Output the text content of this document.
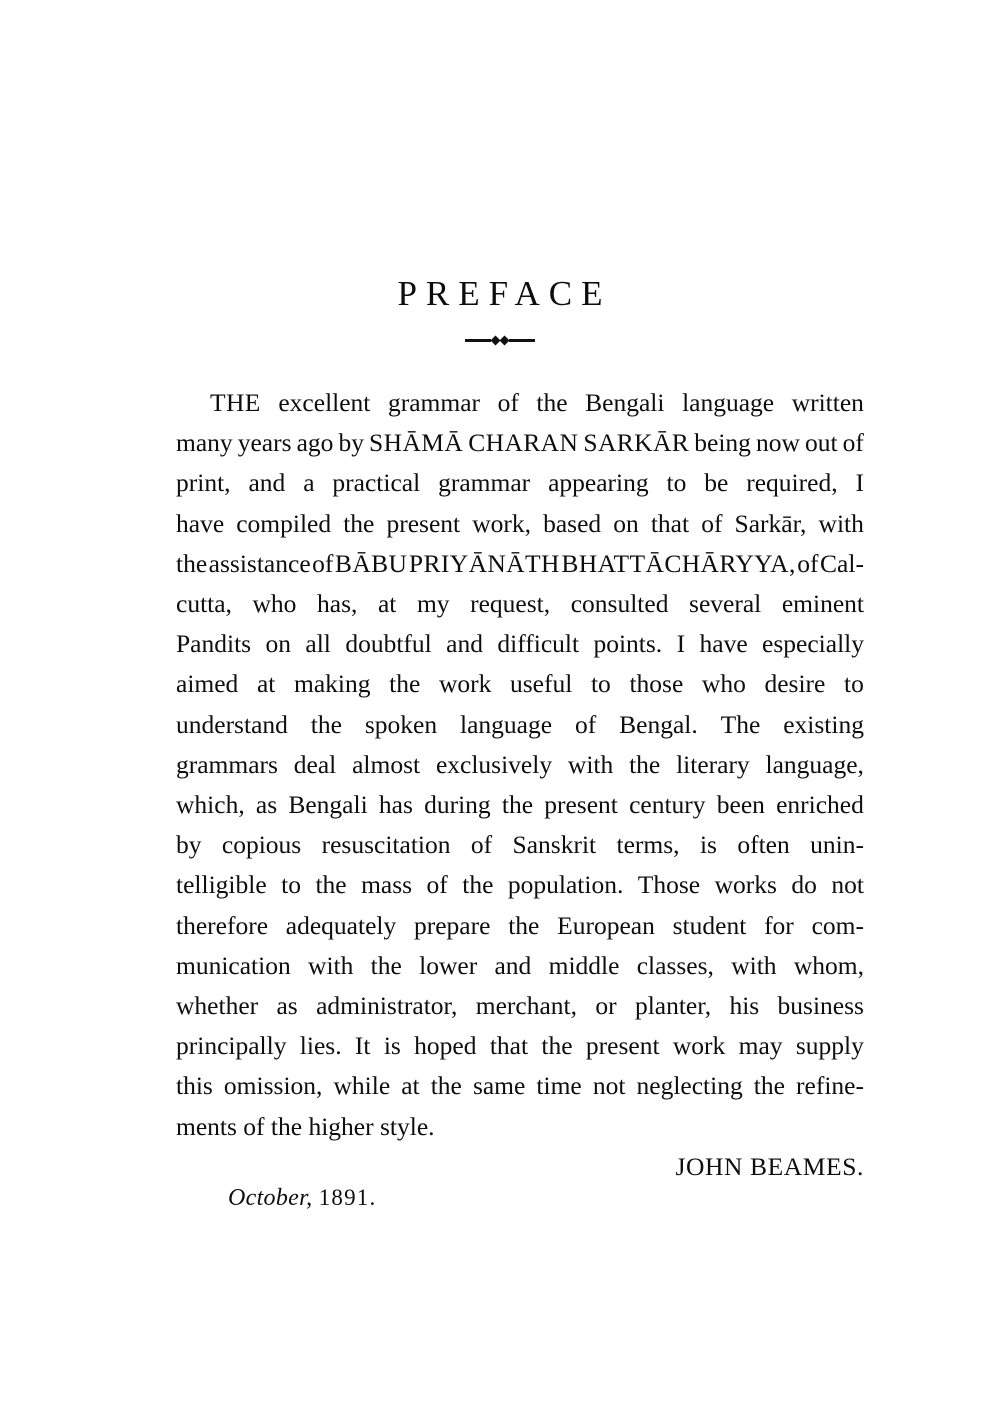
PREFACE

THE excellent grammar of the Bengali language written
many years ago by SHĀMĀ CHARAN SARKĀR being now out of
print, and a practical grammar appearing to be required, I
have compiled the present work, based on that of Sarkār, with
the assistance of BĀBU PRIYĀNĀTH BHATTĀCHĀRYYA, of Cal-
cutta, who has, at my request, consulted several eminent
Pandits on all doubtful and difficult points. I have especially
aimed at making the work useful to those who desire to
understand the spoken language of Bengal. The existing
grammars deal almost exclusively with the literary language,
which, as Bengali has during the present century been enriched
by copious resuscitation of Sanskrit terms, is often unin-
telligible to the mass of the population. Those works do not
therefore adequately prepare the European student for com-
munication with the lower and middle classes, with whom,
whether as administrator, merchant, or planter, his business
principally lies. It is hoped that the present work may supply
this omission, while at the same time not neglecting the refine-
ments of the higher style.

JOHN BEAMES.
October, 1891.
